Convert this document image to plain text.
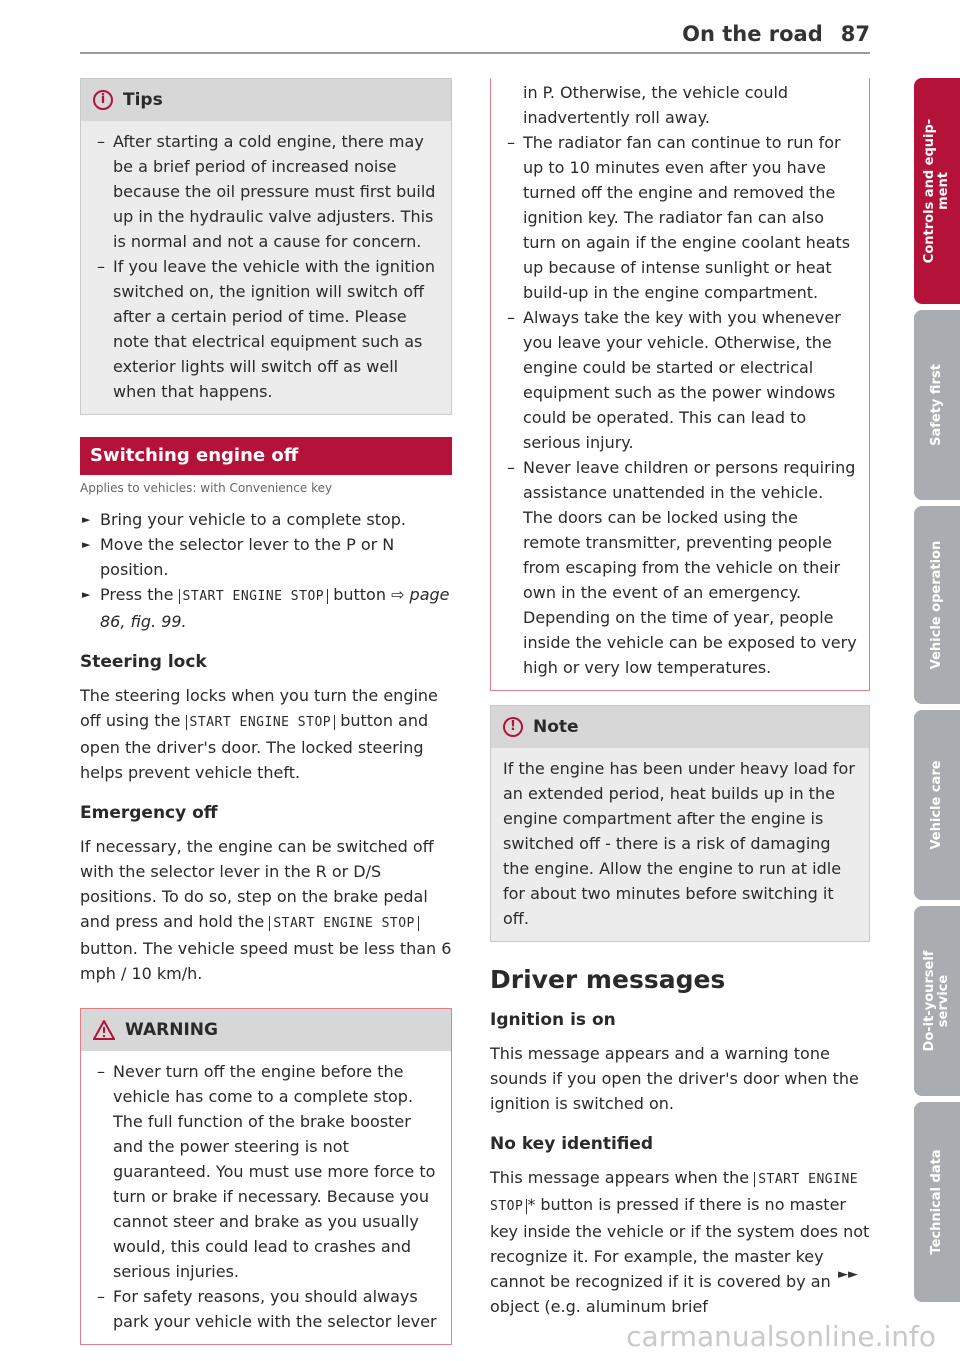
On the road 87
i	Tips

– After starting a cold engine, there may be a brief period of increased noise because the oil pressure must first build up in the hydraulic valve adjusters. This is normal and not a cause for concern.

– If you leave the vehicle with the ignition switched on, the ignition will switch off after a certain period of time. Please note that electrical equipment such as exterior lights will switch off as well when that happens.

Switching engine off
Applies to vehicles: with Convenience key

► Bring your vehicle to a complete stop.

► Move the selector lever to the P or N position.

► Press the START ENGINE STOP button ⇨ page 86, fig. 99.

Steering lock

The steering locks when you turn the engine off using the START ENGINE STOP button and open the driver's door. The locked steering helps prevent vehicle theft.

Emergency off

If necessary, the engine can be switched off with the selector lever in the R or D/S positions. To do so, step on the brake pedal and press and hold the START ENGINE STOP button. The vehicle speed must be less than 6 mph / 10 km/h.

WARNING

– Never turn off the engine before the vehicle has come to a complete stop. The full function of the brake booster and the power steering is not guaranteed. You must use more force to turn or brake if necessary. Because you cannot steer and brake as you usually would, this could lead to crashes and serious injuries.

– For safety reasons, you should always park your vehicle with the selector lever

in P. Otherwise, the vehicle could inadvertently roll away.

– The radiator fan can continue to run for up to 10 minutes even after you have turned off the engine and removed the ignition key. The radiator fan can also turn on again if the engine coolant heats up because of intense sunlight or heat build-up in the engine compartment.

– Always take the key with you whenever you leave your vehicle. Otherwise, the engine could be started or electrical equipment such as the power windows could be operated. This can lead to serious injury.

– Never leave children or persons requiring assistance unattended in the vehicle. The doors can be locked using the remote transmitter, preventing people from escaping from the vehicle on their own in the event of an emergency. Depending on the time of year, people inside the vehicle can be exposed to very high or very low temperatures.

!	Note

If the engine has been under heavy load for an extended period, heat builds up in the engine compartment after the engine is switched off - there is a risk of damaging the engine. Allow the engine to run at idle for about two minutes before switching it off.

Driver messages
Ignition is on

This message appears and a warning tone sounds if you open the driver's door when the ignition is switched on.

No key identified

This message appears when the START ENGINE STOP * button is pressed if there is no master key inside the vehicle or if the system does not recognize it. For example, the master key cannot be recognized if it is covered by an object (e.g. aluminum brief

►►
Controls and equip-
ment
Safety first
Vehicle operation
Vehicle care
Do-it-yourself
service
Technical data
carmanualsonline.info
